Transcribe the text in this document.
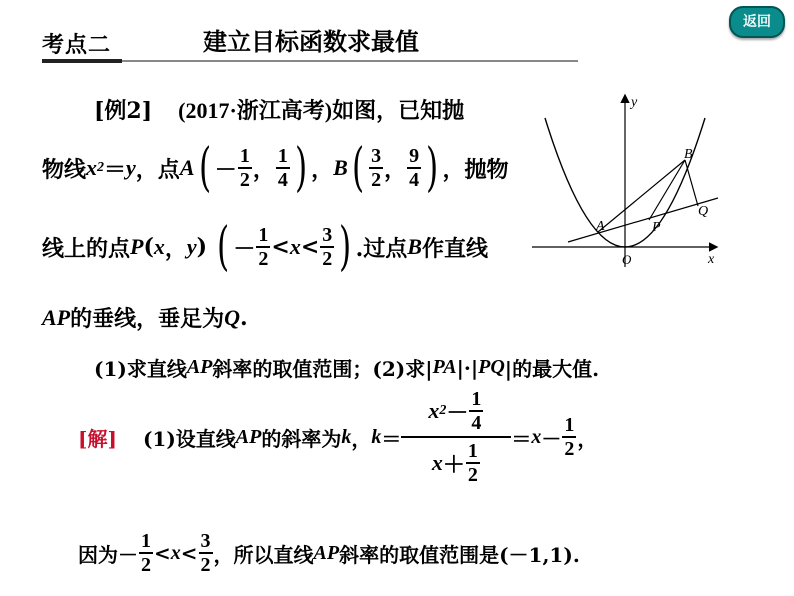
考点二	建立目标函数求最值
返回
[例2] (2017·浙江高考) 如图，已知抛
物线 x 2 ＝ y ，点 A ( － $\frac{1}{2}$ ， $\frac{1}{4}$ ) ， B ( $\frac{3}{2}$ ， $\frac{9}{4}$ ) ，抛物
线上的点 P ( x ， y ) ( － $\frac{1}{2} < x < \frac{3}{2}$ ) .过点 B 作直线
AP 的垂线，垂足为 Q .
(1)求直线 AP 斜率的取值范围；(2)求| PA |·| PQ |的最大值.
[解] (1)设直线 AP 的斜率为 k ， $k = \frac{x 2 - \frac{1}{4}}{x + \frac{1}{2}} = x - \frac{1}{2}$ ，
因为－ $\frac{1}{2} < x < \frac{3}{2}$ ，所以直线 AP 斜率的取值范围是(－1,1).
y
x
O
A
B
P
Q
